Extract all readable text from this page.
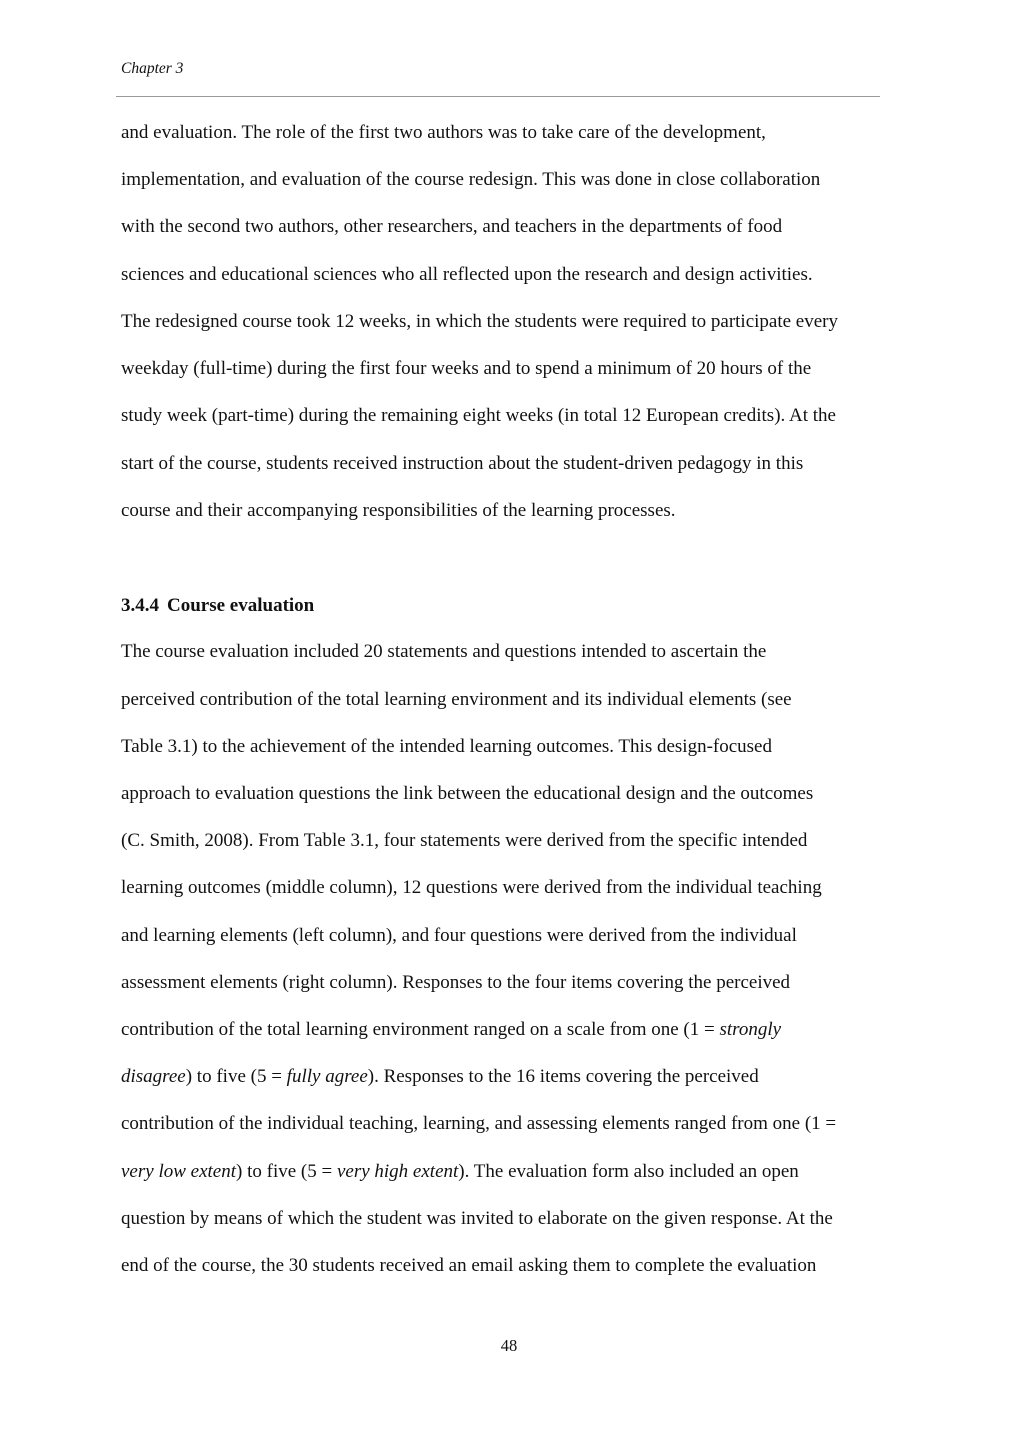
Chapter 3
and evaluation. The role of the first two authors was to take care of the development,
implementation, and evaluation of the course redesign. This was done in close collaboration
with the second two authors, other researchers, and teachers in the departments of food
sciences and educational sciences who all reflected upon the research and design activities.
The redesigned course took 12 weeks, in which the students were required to participate every
weekday (full-time) during the first four weeks and to spend a minimum of 20 hours of the
study week (part-time) during the remaining eight weeks (in total 12 European credits). At the
start of the course, students received instruction about the student-driven pedagogy in this
course and their accompanying responsibilities of the learning processes.
3.4.4 Course evaluation
The course evaluation included 20 statements and questions intended to ascertain the
perceived contribution of the total learning environment and its individual elements (see
Table 3.1) to the achievement of the intended learning outcomes. This design-focused
approach to evaluation questions the link between the educational design and the outcomes
(C. Smith, 2008). From Table 3.1, four statements were derived from the specific intended
learning outcomes (middle column), 12 questions were derived from the individual teaching
and learning elements (left column), and four questions were derived from the individual
assessment elements (right column). Responses to the four items covering the perceived
contribution of the total learning environment ranged on a scale from one (1 = strongly
disagree) to five (5 = fully agree). Responses to the 16 items covering the perceived
contribution of the individual teaching, learning, and assessing elements ranged from one (1 =
very low extent) to five (5 = very high extent). The evaluation form also included an open
question by means of which the student was invited to elaborate on the given response. At the
end of the course, the 30 students received an email asking them to complete the evaluation
48
